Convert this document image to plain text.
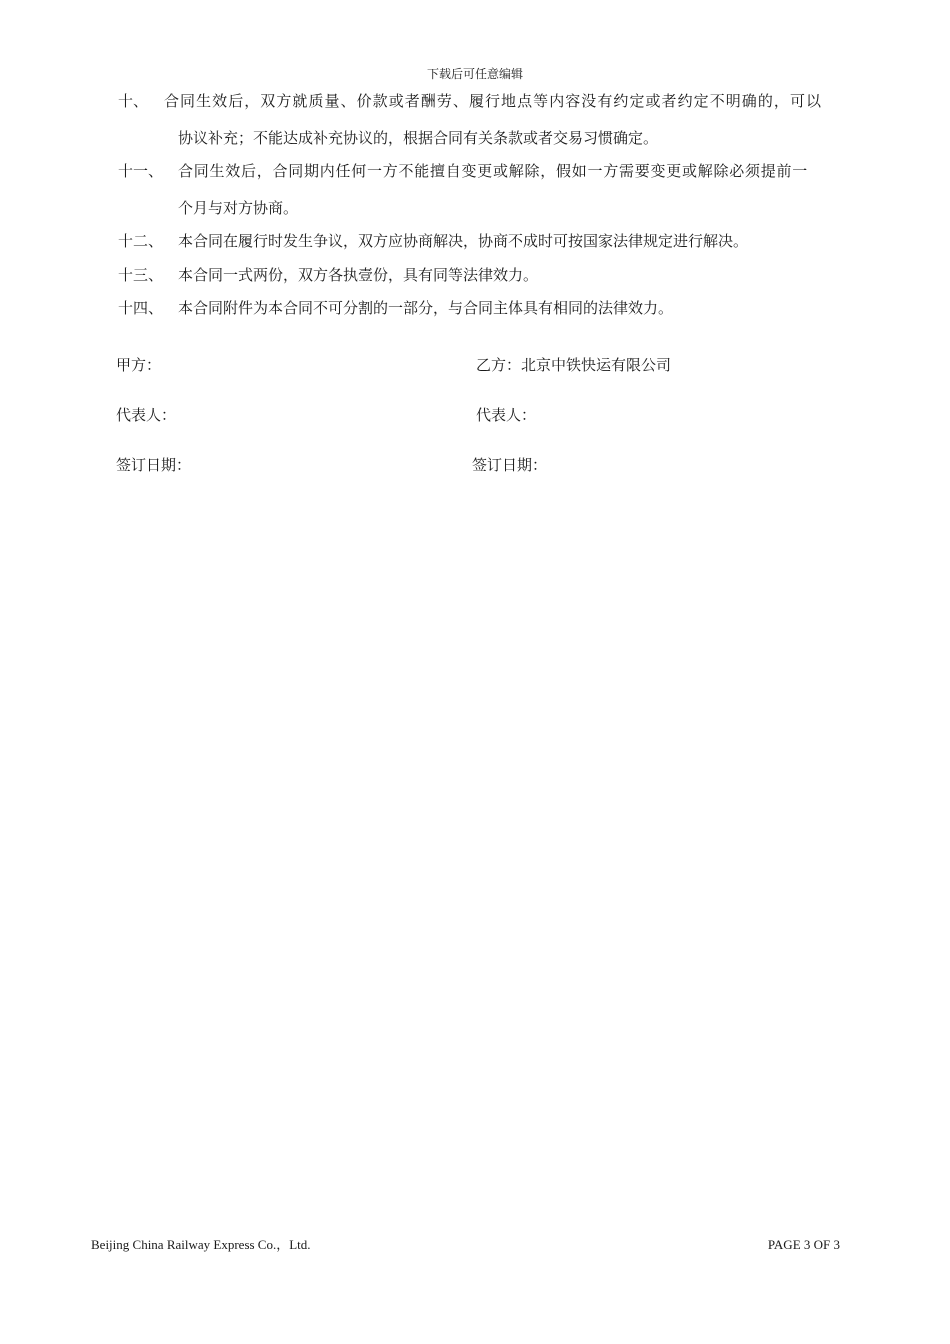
下载后可任意编辑
十、 合同生效后，双方就质量、价款或者酬劳、履行地点等内容没有约定或者约定不明确的，可以
协议补充；不能达成补充协议的，根据合同有关条款或者交易习惯确定。
十一、 合同生效后，合同期内任何一方不能擅自变更或解除，假如一方需要变更或解除必须提前一
个月与对方协商。
十二、 本合同在履行时发生争议，双方应协商解决，协商不成时可按国家法律规定进行解决。
十三、 本合同一式两份，双方各执壹份，具有同等法律效力。
十四、 本合同附件为本合同不可分割的一部分，与合同主体具有相同的法律效力。
甲方：	乙方：北京中铁快运有限公司
代表人：	代表人：
签订日期：	签订日期：
Beijing China Railway Express Co.，Ltd.	PAGE 3 OF 3
